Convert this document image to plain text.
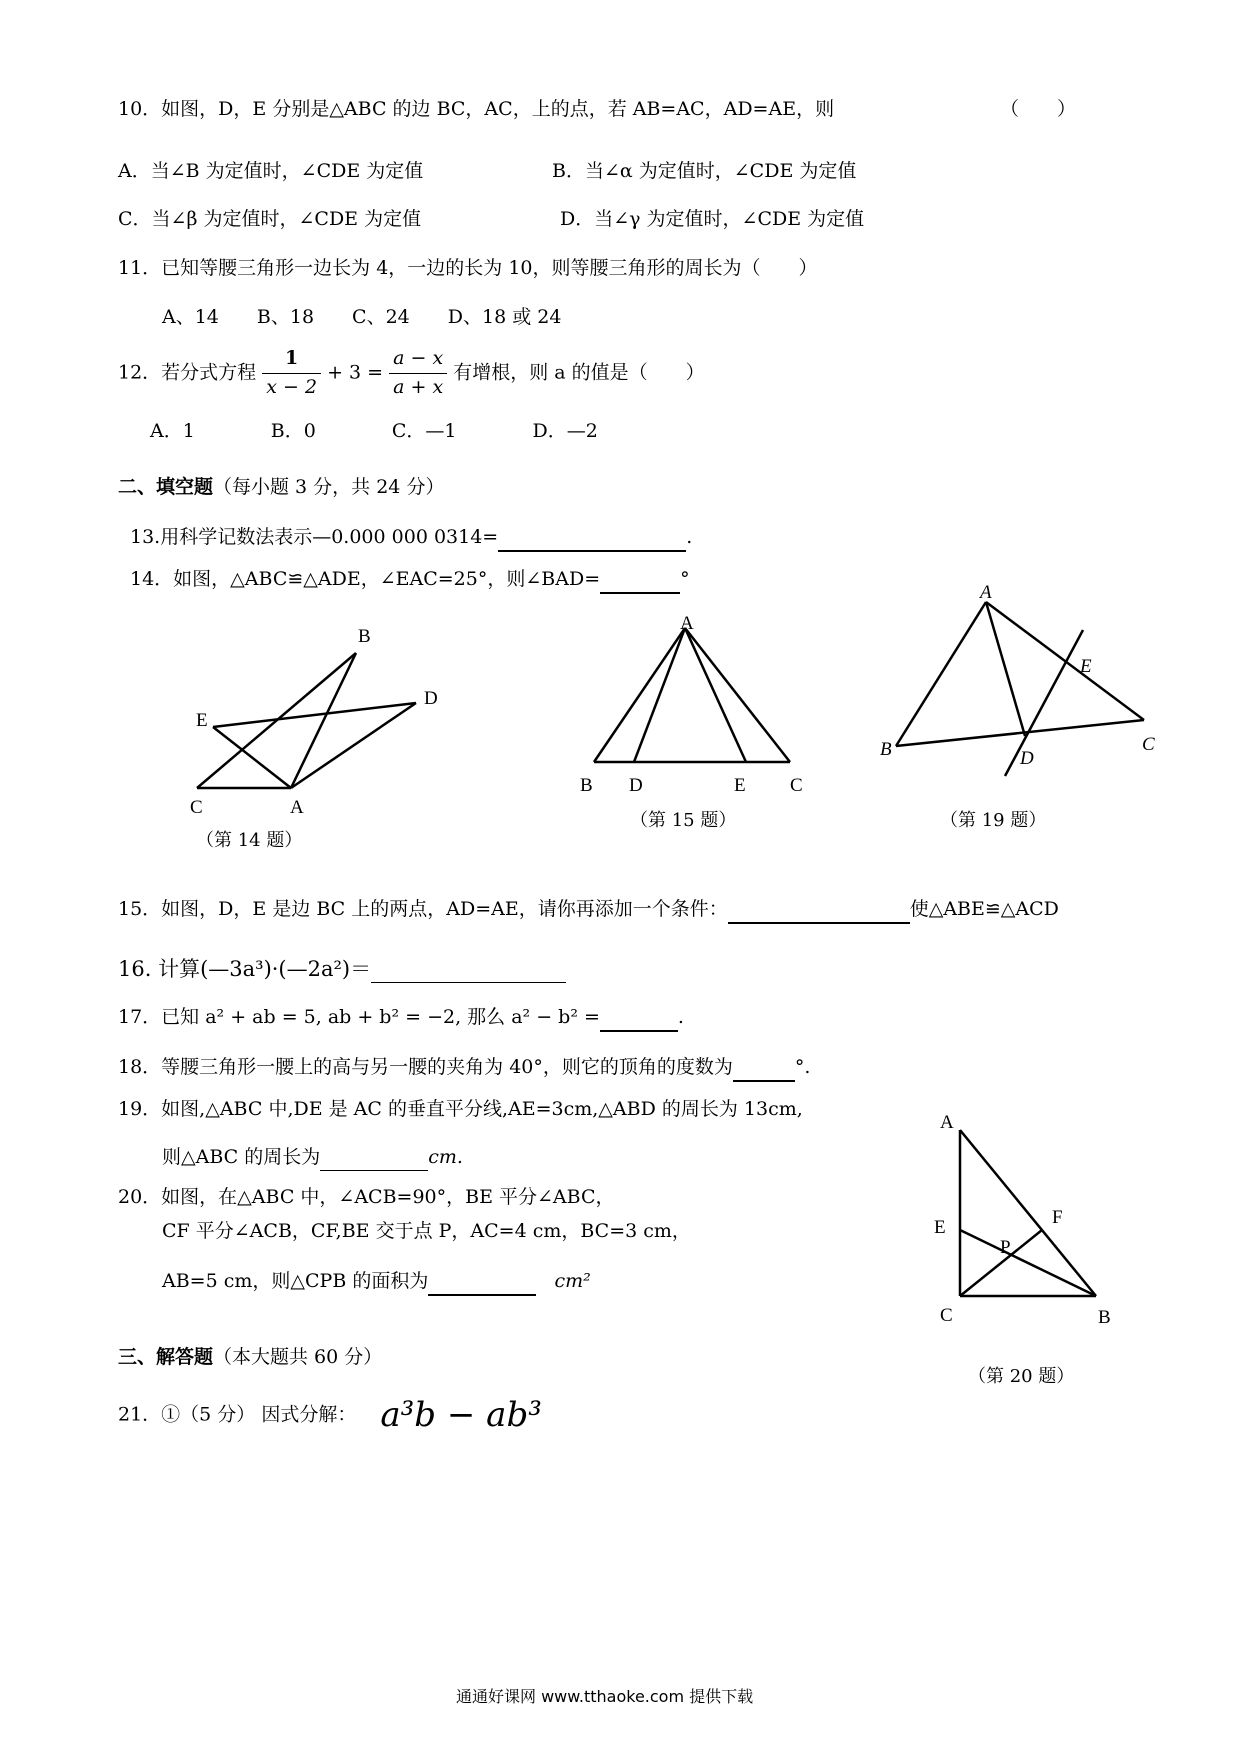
10．如图，D，E 分别是△ABC 的边 BC，AC，上的点，若 AB=AC，AD=AE，则	（　　）
A．当∠B 为定值时，∠CDE 为定值	B．当∠α 为定值时，∠CDE 为定值
C．当∠β 为定值时，∠CDE 为定值	D．当∠γ 为定值时，∠CDE 为定值
11．已知等腰三角形一边长为 4，一边的长为 10，则等腰三角形的周长为（　　）
A、14　　B、18　　C、24　　D、18 或 24
12．若分式方程 $\frac{1}{x - 2} + 3 = \frac{a - x}{a + x}$ 有增根，则 a 的值是（　　）
A．1　　　　B．0　　　　C．—1　　　　D．—2
二、填空题（每小题 3 分，共 24 分）
13.用科学记数法表示—0.000 000 0314=	.
14．如图，△ABC≌△ADE，∠EAC=25°，则∠BAD=	°
B
D
E
C	A
（第 14 题）
A
B D	E C
（第 15 题）
A
E
B	D
C
（第 19 题）
15．如图，D，E 是边 BC 上的两点，AD=AE，请你再添加一个条件：	使△ABE≌△ACD
16. 计算(—3a³)·(—2a²)＝
17．已知 a² + ab = 5, ab + b² = −2, 那么 a² − b² =	.
18．等腰三角形一腰上的高与另一腰的夹角为 40°，则它的顶角的度数为	°.
19．如图,△ABC 中,DE 是 AC 的垂直平分线,AE=3cm,△ABD 的周长为 13cm,
则△ABC 的周长为	cm.
20．如图，在△ABC 中，∠ACB=90°，BE 平分∠ABC，
CF 平分∠ACB，CF,BE 交于点 P，AC=4 cm，BC=3 cm，
AB=5 cm，则△CPB 的面积为	cm²
A
E	F
P
C	B
（第 20 题）
三、解答题（本大题共 60 分）
21．①（5 分） 因式分解： a³b − ab³
通通好课网 www.tthaoke.com 提供下载
